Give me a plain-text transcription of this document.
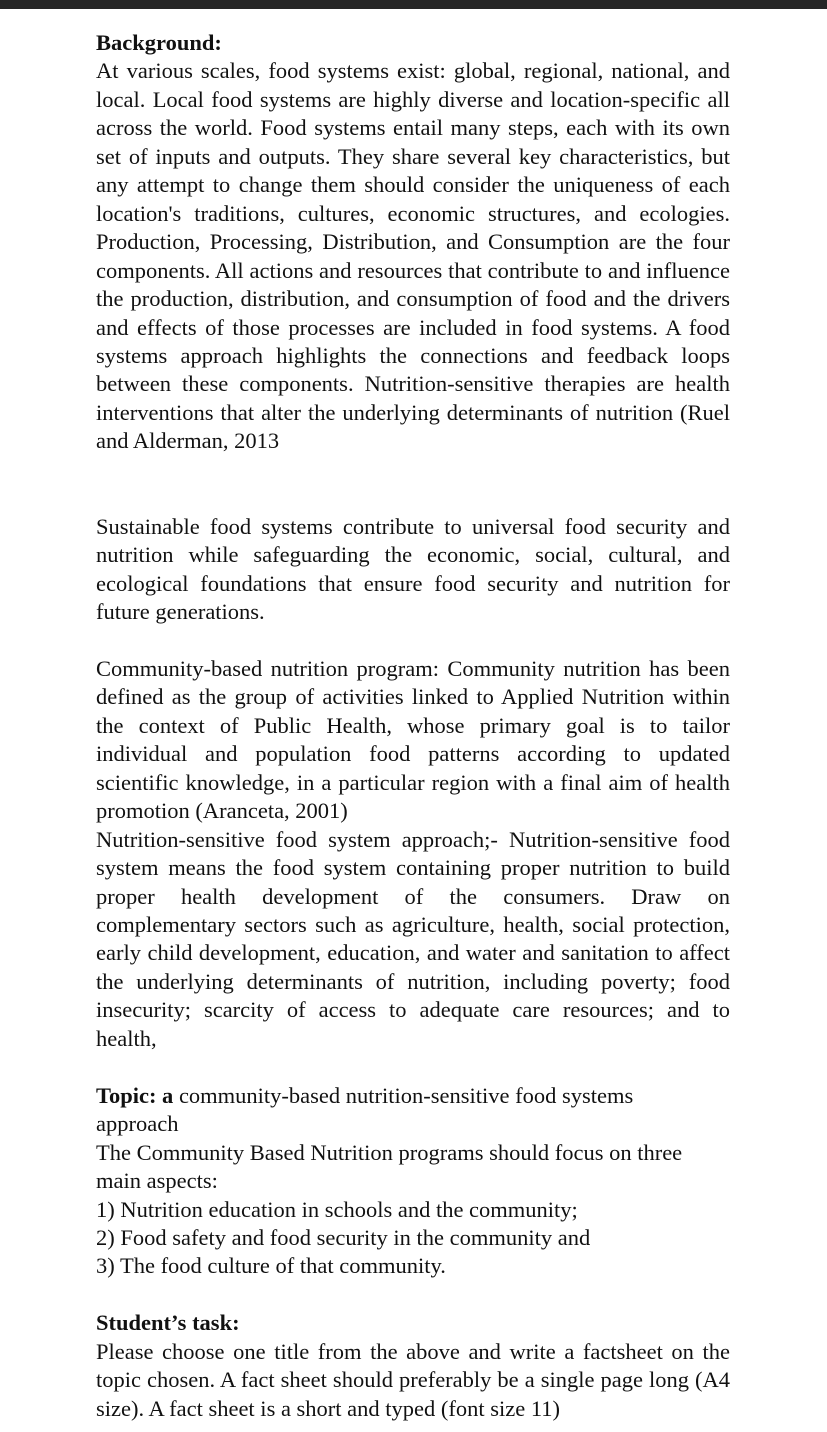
Background:

At various scales, food systems exist: global, regional, national, and local. Local food systems are highly diverse and location-specific all across the world. Food systems entail many steps, each with its own set of inputs and outputs. They share several key characteristics, but any attempt to change them should consider the uniqueness of each location's traditions, cultures, economic structures, and ecologies. Production, Processing, Distribution, and Consumption are the four components. All actions and resources that contribute to and influence the production, distribution, and consumption of food and the drivers and effects of those processes are included in food systems. A food systems approach highlights the connections and feedback loops between these components. Nutrition-sensitive therapies are health interventions that alter the underlying determinants of nutrition (Ruel and Alderman, 2013

Sustainable food systems contribute to universal food security and nutrition while safeguarding the economic, social, cultural, and ecological foundations that ensure food security and nutrition for future generations.

Community-based nutrition program: Community nutrition has been defined as the group of activities linked to Applied Nutrition within the context of Public Health, whose primary goal is to tailor individual and population food patterns according to updated scientific knowledge, in a particular region with a final aim of health promotion (Aranceta, 2001)

Nutrition-sensitive food system approach;- Nutrition-sensitive food system means the food system containing proper nutrition to build proper health development of the consumers. Draw on complementary sectors such as agriculture, health, social protection, early child development, education, and water and sanitation to affect the underlying determinants of nutrition, including poverty; food insecurity; scarcity of access to adequate care resources; and to health,

Topic: a community-based nutrition-sensitive food systems approach

The Community Based Nutrition programs should focus on three main aspects:

1) Nutrition education in schools and the community;

2) Food safety and food security in the community and

3) The food culture of that community.

Student’s task:

Please choose one title from the above and write a factsheet on the topic chosen. A fact sheet should preferably be a single page long (A4 size). A fact sheet is a short and typed (font size 11)
